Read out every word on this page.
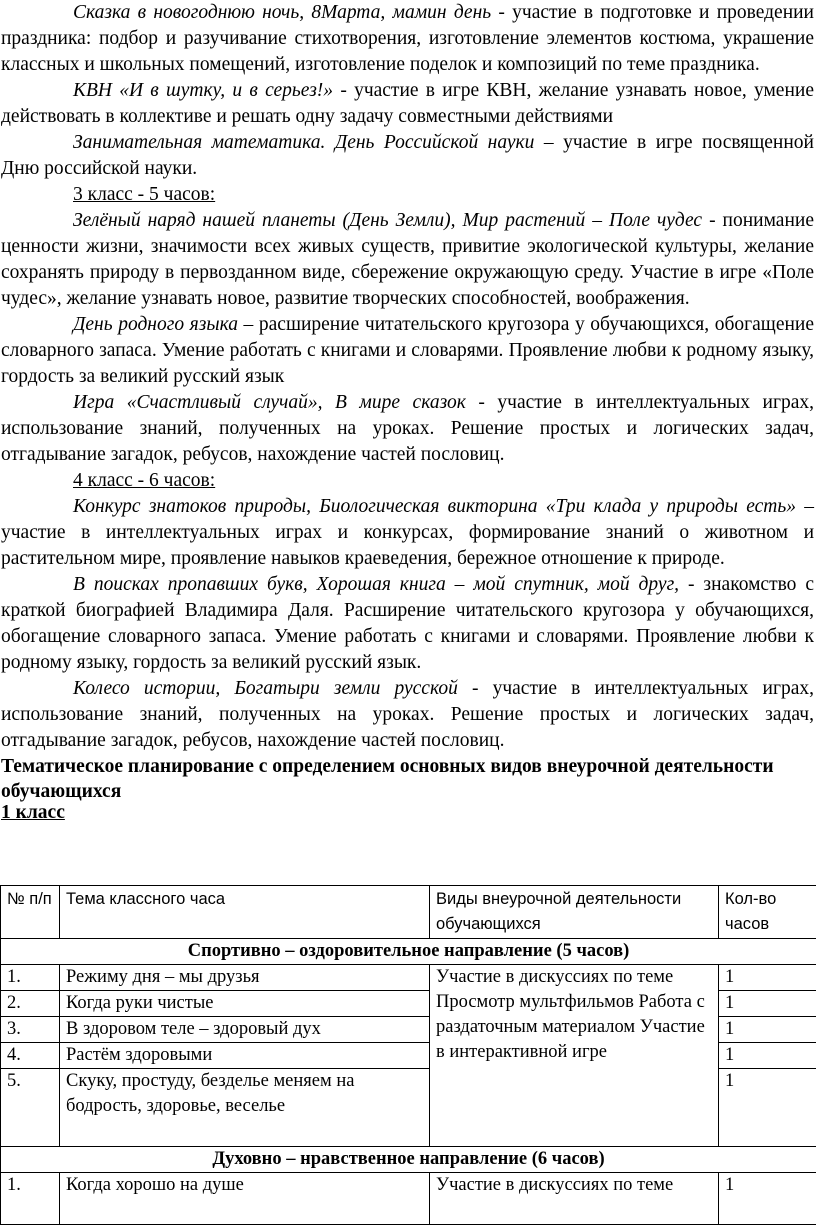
Сказка в новогоднюю ночь, 8Марта, мамин день - участие в подготовке и проведении праздника: подбор и разучивание стихотворения, изготовление элементов костюма, украшение классных и школьных помещений, изготовление поделок и композиций по теме праздника.

КВН «И в шутку, и в серьез!» - участие в игре КВН, желание узнавать новое, умение действовать в коллективе и решать одну задачу совместными действиями

Занимательная математика. День Российской науки – участие в игре посвященной Дню российской науки.

3 класс - 5 часов:

Зелёный наряд нашей планеты (День Земли), Мир растений – Поле чудес - понимание ценности жизни, значимости всех живых существ, привитие экологической культуры, желание сохранять природу в первозданном виде, сбережение окружающую среду. Участие в игре «Поле чудес», желание узнавать новое, развитие творческих способностей, воображения.

День родного языка – расширение читательского кругозора у обучающихся, обогащение словарного запаса. Умение работать с книгами и словарями. Проявление любви к родному языку, гордость за великий русский язык

Игра «Счастливый случай», В мире сказок - участие в интеллектуальных играх, использование знаний, полученных на уроках. Решение простых и логических задач, отгадывание загадок, ребусов, нахождение частей пословиц.

4 класс - 6 часов:

Конкурс знатоков природы, Биологическая викторина «Три клада у природы есть» – участие в интеллектуальных играх и конкурсах, формирование знаний о животном и растительном мире, проявление навыков краеведения, бережное отношение к природе.

В поисках пропавших букв, Хорошая книга – мой спутник, мой друг, - знакомство с краткой биографией Владимира Даля. Расширение читательского кругозора у обучающихся, обогащение словарного запаса. Умение работать с книгами и словарями. Проявление любви к родному языку, гордость за великий русский язык.

Колесо истории, Богатыри земли русской - участие в интеллектуальных играх, использование знаний, полученных на уроках. Решение простых и логических задач, отгадывание загадок, ребусов, нахождение частей пословиц.

Тематическое планирование с определением основных видов внеурочной деятельности обучающихся

1 класс

№ п/п	Тема классного часа	Виды внеурочной деятельности обучающихся	Кол-во часов
Спортивно – оздоровительное направление (5 часов)			
1.	Режиму дня – мы друзья	Участие в дискуссиях по теме Просмотр мультфильмов Работа с раздаточным материалом Участие в интерактивной игре	1
2.	Когда руки чистые		1
3.	В здоровом теле – здоровый дух		1
4.	Растём здоровыми		1
5.	Скуку, простуду, безделье меняем на бодрость, здоровье, веселье		1
Духовно – нравственное направление (6 часов)			
1.	Когда хорошо на душе	Участие в дискуссиях по теме	1
